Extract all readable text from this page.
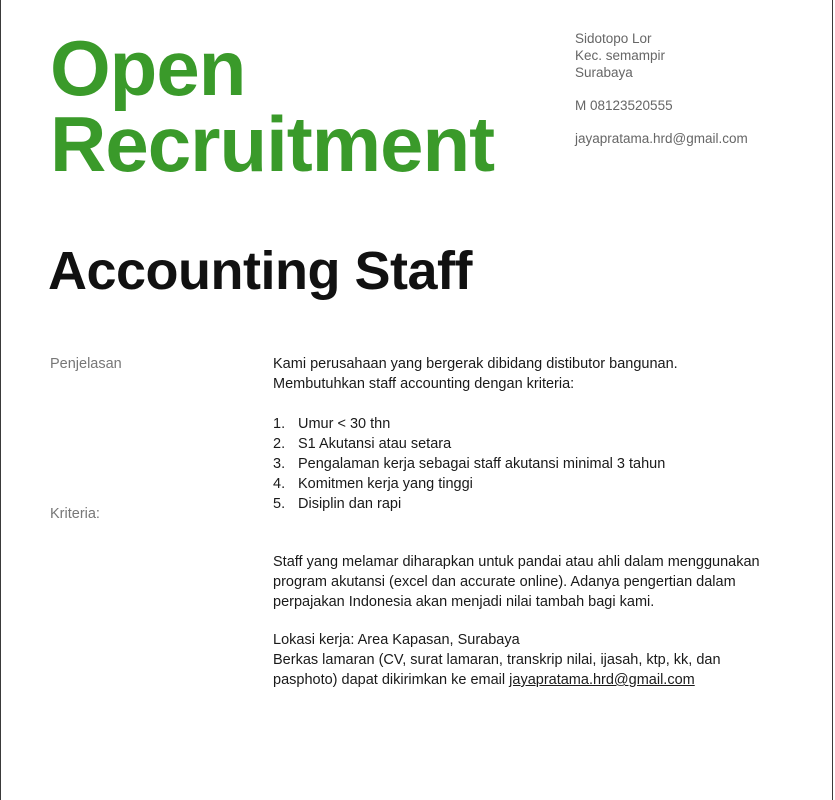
Open
Recruitment
Sidotopo Lor
Kec. semampir
Surabaya
M 08123520555
jayapratama.hrd@gmail.com
Accounting Staff
Penjelasan
Kriteria:

Kami perusahaan yang bergerak dibidang distibutor bangunan.

Membutuhkan staff accounting dengan kriteria:

1. Umur < 30 thn
2. S1 Akutansi atau setara
3. Pengalaman kerja sebagai staff akutansi minimal 3 tahun
4. Komitmen kerja yang tinggi
5. Disiplin dan rapi

Staff yang melamar diharapkan untuk pandai atau ahli dalam menggunakan program akutansi (excel dan accurate online). Adanya pengertian dalam perpajakan Indonesia akan menjadi nilai tambah bagi kami.

Lokasi kerja: Area Kapasan, Surabaya

Berkas lamaran (CV, surat lamaran, transkrip nilai, ijasah, ktp, kk, dan pasphoto) dapat dikirimkan ke email jayapratama.hrd@gmail.com
